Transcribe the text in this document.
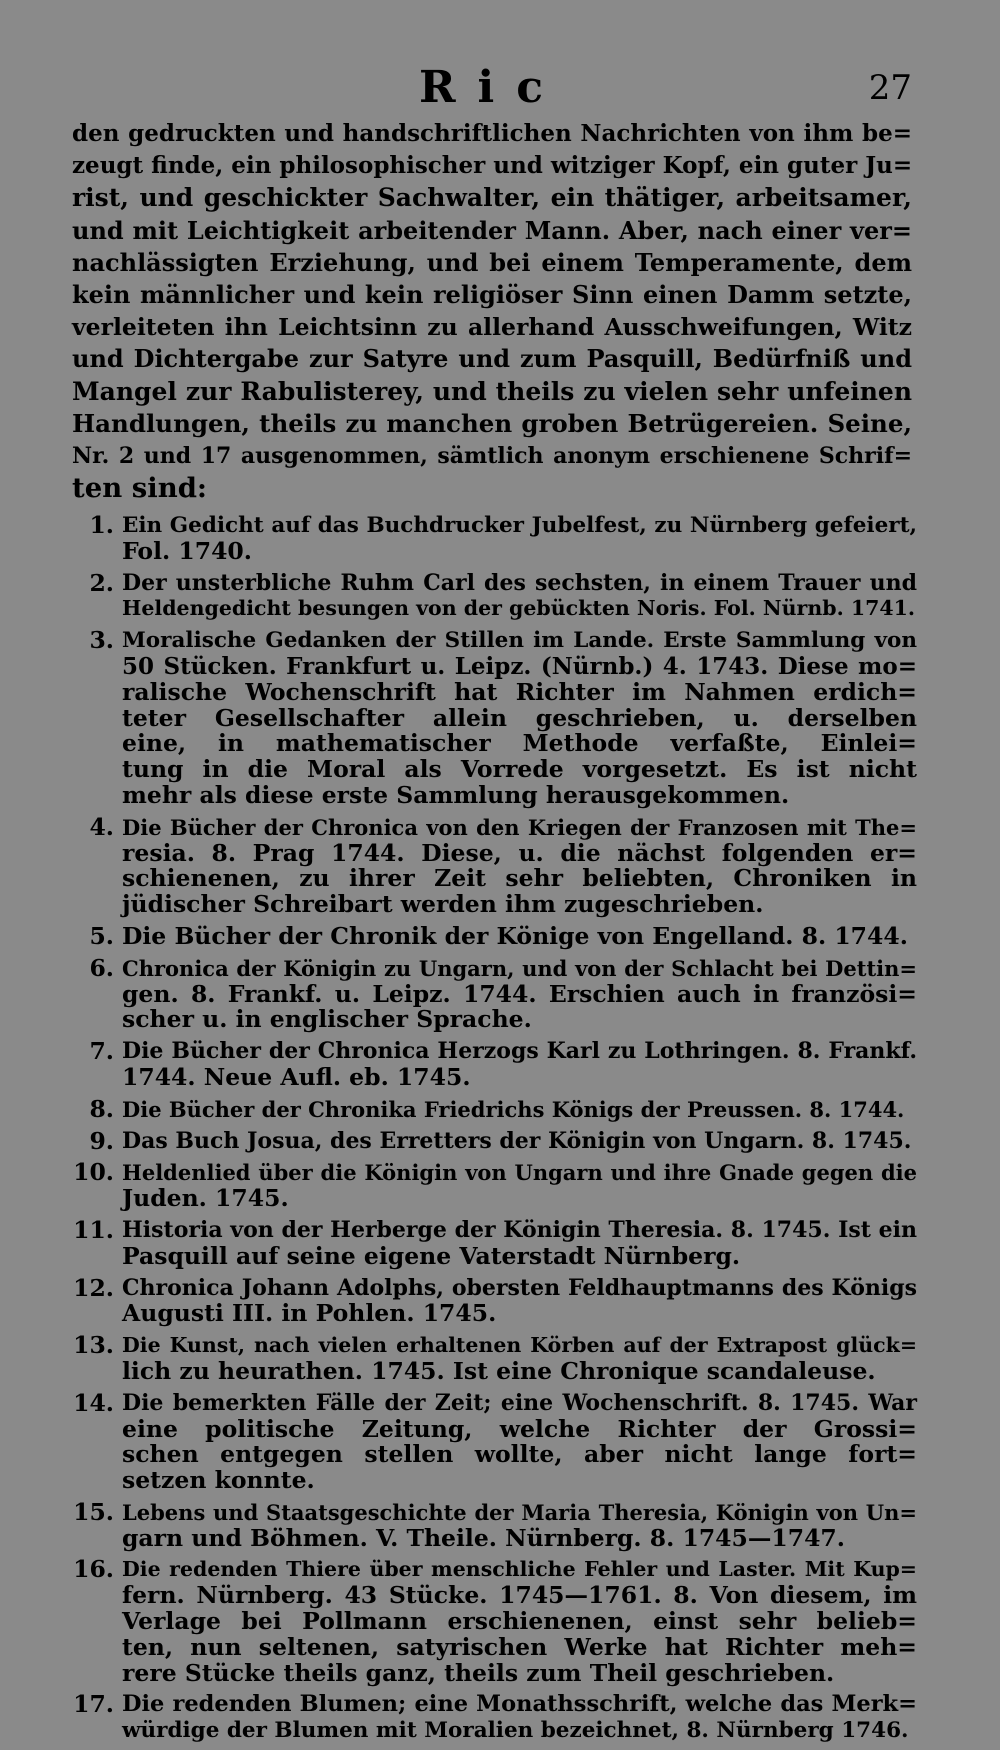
Ric	27
den gedruckten und handschriftlichen Nachrichten von ihm be=
zeugt finde, ein philosophischer und witziger Kopf, ein guter Ju=
rist, und geschickter Sachwalter, ein thätiger, arbeitsamer,
und mit Leichtigkeit arbeitender Mann. Aber, nach einer ver=
nachlässigten Erziehung, und bei einem Temperamente, dem
kein männlicher und kein religiöser Sinn einen Damm setzte,
verleiteten ihn Leichtsinn zu allerhand Ausschweifungen, Witz
und Dichtergabe zur Satyre und zum Pasquill, Bedürfniß und
Mangel zur Rabulisterey, und theils zu vielen sehr unfeinen
Handlungen, theils zu manchen groben Betrügereien. Seine,
Nr. 2 und 17 ausgenommen, sämtlich anonym erschienene Schrif=
ten sind:
1. Ein Gedicht auf das Buchdrucker Jubelfest, zu Nürnberg gefeiert,
Fol. 1740.
2. Der unsterbliche Ruhm Carl des sechsten, in einem Trauer und
Heldengedicht besungen von der gebückten Noris. Fol. Nürnb. 1741.
3. Moralische Gedanken der Stillen im Lande. Erste Sammlung von
50 Stücken. Frankfurt u. Leipz. (Nürnb.) 4. 1743. Diese mo=
ralische Wochenschrift hat Richter im Nahmen erdich=
teter Gesellschafter allein geschrieben, u. derselben
eine, in mathematischer Methode verfaßte, Einlei=
tung in die Moral als Vorrede vorgesetzt. Es ist nicht
mehr als diese erste Sammlung herausgekommen.
4. Die Bücher der Chronica von den Kriegen der Franzosen mit The=
resia. 8. Prag 1744. Diese, u. die nächst folgenden er=
schienenen, zu ihrer Zeit sehr beliebten, Chroniken in
jüdischer Schreibart werden ihm zugeschrieben.
5. Die Bücher der Chronik der Könige von Engelland. 8. 1744.
6. Chronica der Königin zu Ungarn, und von der Schlacht bei Dettin=
gen. 8. Frankf. u. Leipz. 1744. Erschien auch in französi=
scher u. in englischer Sprache.
7. Die Bücher der Chronica Herzogs Karl zu Lothringen. 8. Frankf.
1744. Neue Aufl. eb. 1745.
8. Die Bücher der Chronika Friedrichs Königs der Preussen. 8. 1744.
9. Das Buch Josua, des Erretters der Königin von Ungarn. 8. 1745.
10. Heldenlied über die Königin von Ungarn und ihre Gnade gegen die
Juden. 1745.
11. Historia von der Herberge der Königin Theresia. 8. 1745. Ist ein
Pasquill auf seine eigene Vaterstadt Nürnberg.
12. Chronica Johann Adolphs, obersten Feldhauptmanns des Königs
Augusti III. in Pohlen. 1745.
13. Die Kunst, nach vielen erhaltenen Körben auf der Extrapost glück=
lich zu heurathen. 1745. Ist eine Chronique scandaleuse.
14. Die bemerkten Fälle der Zeit; eine Wochenschrift. 8. 1745. War
eine politische Zeitung, welche Richter der Grossi=
schen entgegen stellen wollte, aber nicht lange fort=
setzen konnte.
15. Lebens und Staatsgeschichte der Maria Theresia, Königin von Un=
garn und Böhmen. V. Theile. Nürnberg. 8. 1745—1747.
16. Die redenden Thiere über menschliche Fehler und Laster. Mit Kup=
fern. Nürnberg. 43 Stücke. 1745—1761. 8. Von diesem, im
Verlage bei Pollmann erschienenen, einst sehr belieb=
ten, nun seltenen, satyrischen Werke hat Richter meh=
rere Stücke theils ganz, theils zum Theil geschrieben.
17. Die redenden Blumen; eine Monathsschrift, welche das Merk=
würdige der Blumen mit Moralien bezeichnet, 8. Nürnberg 1746.
